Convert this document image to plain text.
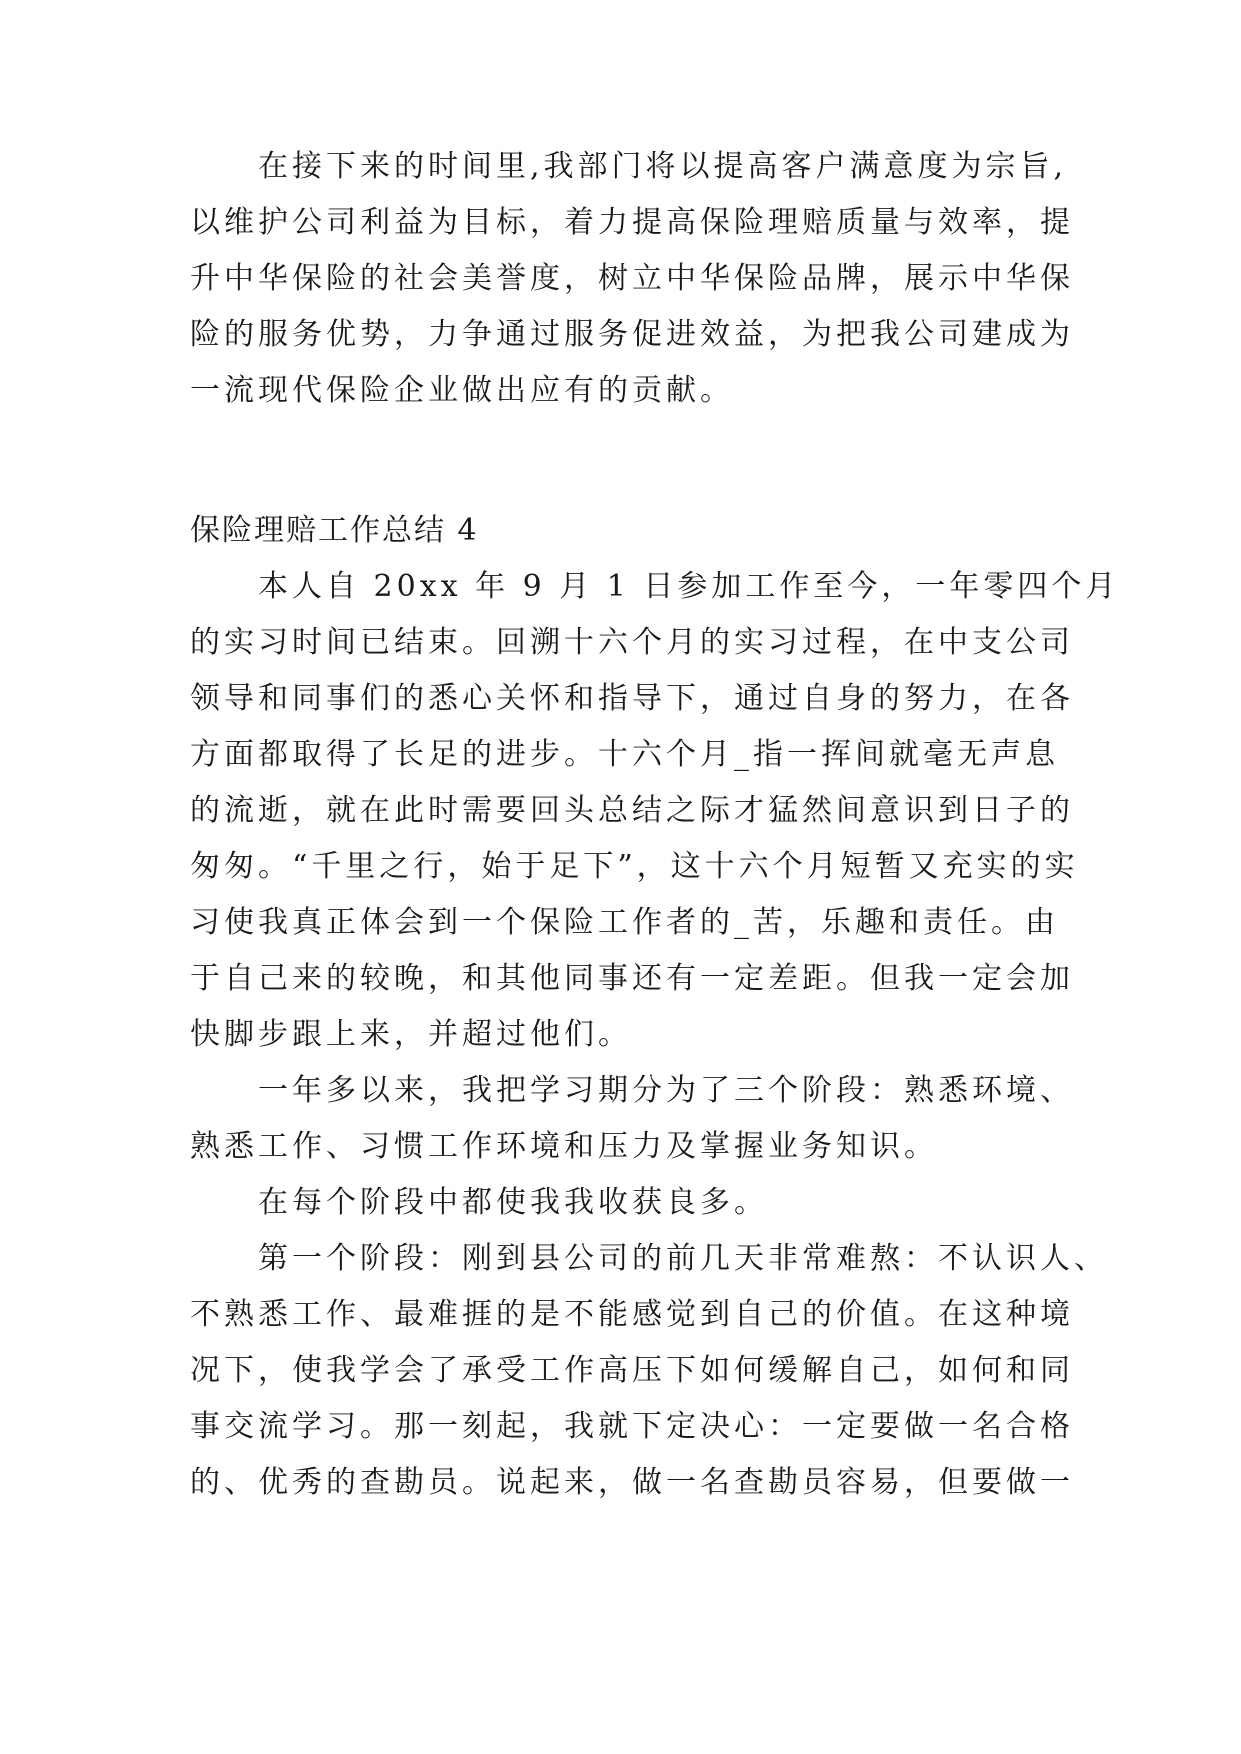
在接下来的时间里,我部门将以提高客户满意度为宗旨,
以维护公司利益为目标，着力提高保险理赔质量与效率，提
升中华保险的社会美誉度，树立中华保险品牌，展示中华保
险的服务优势，力争通过服务促进效益，为把我公司建成为
一流现代保险企业做出应有的贡献。
保险理赔工作总结 4
本人自 20xx 年 9 月 1 日参加工作至今，一年零四个月
的实习时间已结束。回溯十六个月的实习过程，在中支公司
领导和同事们的悉心关怀和指导下，通过自身的努力，在各
方面都取得了长足的进步。十六个月_指一挥间就毫无声息
的流逝，就在此时需要回头总结之际才猛然间意识到日子的
匆匆。“千里之行，始于足下”，这十六个月短暂又充实的实
习使我真正体会到一个保险工作者的_苦，乐趣和责任。由
于自己来的较晚，和其他同事还有一定差距。但我一定会加
快脚步跟上来，并超过他们。
一年多以来，我把学习期分为了三个阶段：熟悉环境、
熟悉工作、习惯工作环境和压力及掌握业务知识。
在每个阶段中都使我我收获良多。
第一个阶段：刚到县公司的前几天非常难熬：不认识人、
不熟悉工作、最难捱的是不能感觉到自己的价值。在这种境
况下，使我学会了承受工作高压下如何缓解自己，如何和同
事交流学习。那一刻起，我就下定决心：一定要做一名合格
的、优秀的查勘员。说起来，做一名查勘员容易，但要做一
